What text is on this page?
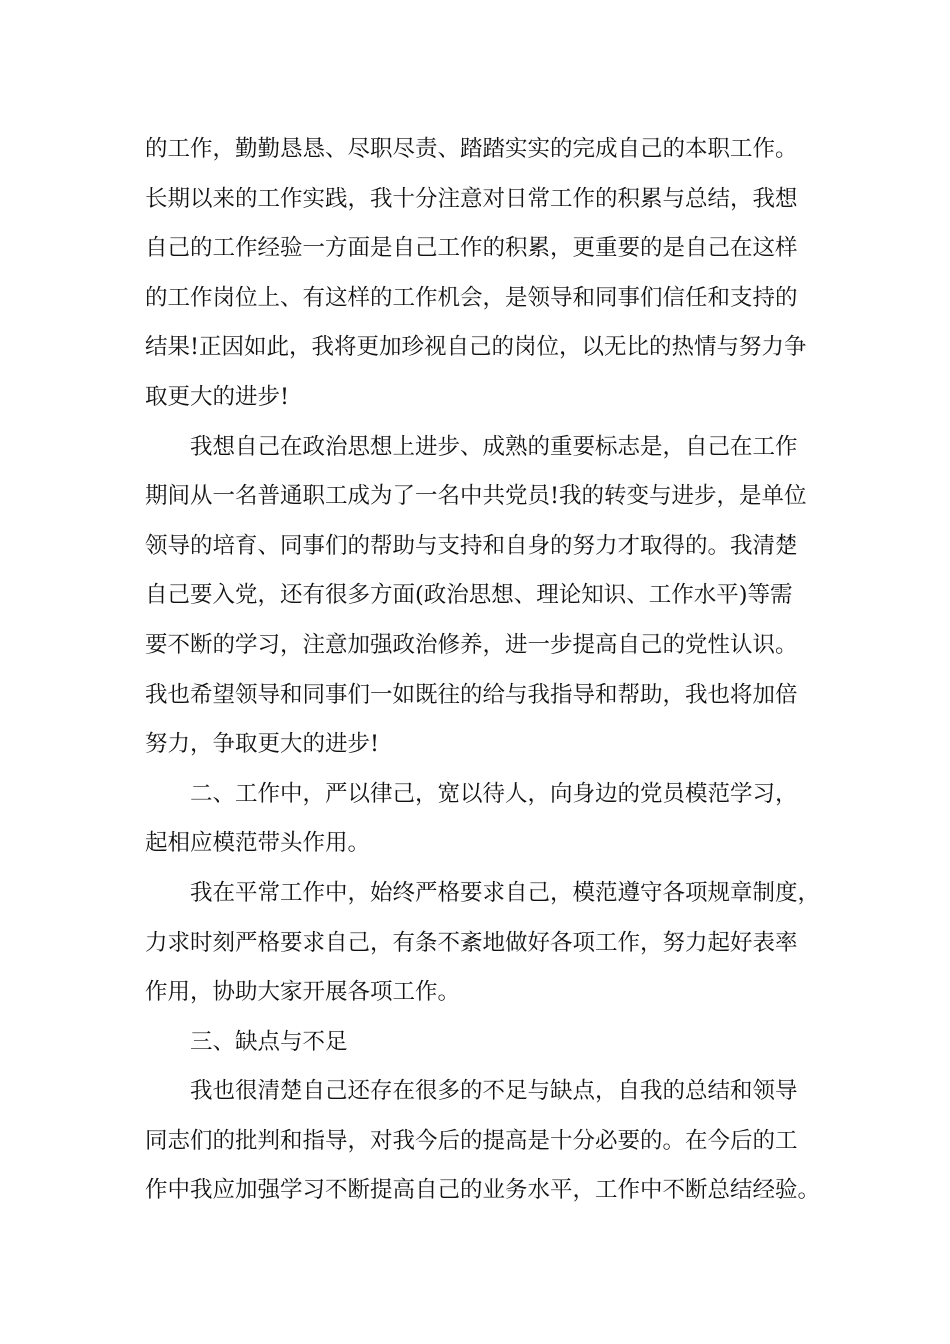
的工作，勤勤恳恳、尽职尽责、踏踏实实的完成自己的本职工作。
长期以来的工作实践，我十分注意对日常工作的积累与总结，我想
自己的工作经验一方面是自己工作的积累，更重要的是自己在这样
的工作岗位上、有这样的工作机会，是领导和同事们信任和支持的
结果!正因如此，我将更加珍视自己的岗位，以无比的热情与努力争
取更大的进步!
我想自己在政治思想上进步、成熟的重要标志是，自己在工作
期间从一名普通职工成为了一名中共党员!我的转变与进步，是单位
领导的培育、同事们的帮助与支持和自身的努力才取得的。我清楚
自己要入党，还有很多方面(政治思想、理论知识、工作水平)等需
要不断的学习，注意加强政治修养，进一步提高自己的党性认识。
我也希望领导和同事们一如既往的给与我指导和帮助，我也将加倍
努力，争取更大的进步!
二、工作中，严以律己，宽以待人，向身边的党员模范学习，
起相应模范带头作用。
我在平常工作中，始终严格要求自己，模范遵守各项规章制度，
力求时刻严格要求自己，有条不紊地做好各项工作，努力起好表率
作用，协助大家开展各项工作。
三、缺点与不足
我也很清楚自己还存在很多的不足与缺点，自我的总结和领导
同志们的批判和指导，对我今后的提高是十分必要的。在今后的工
作中我应加强学习不断提高自己的业务水平，工作中不断总结经验。
